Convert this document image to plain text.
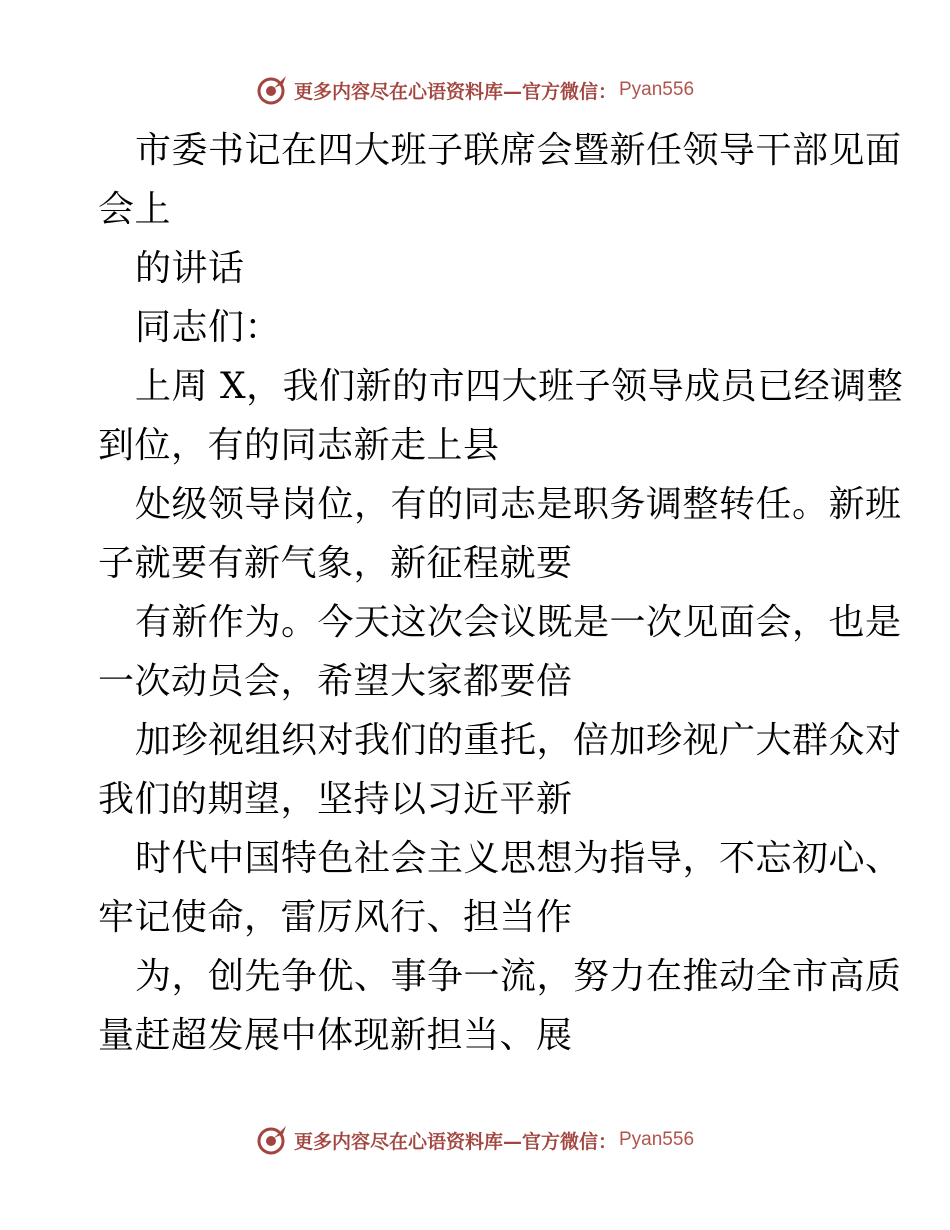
更多内容尽在心语资料库—官方微信： Pyan556
市委书记在四大班子联席会暨新任领导干部见面
会上
的讲话
同志们：
上周 X，我们新的市四大班子领导成员已经调整
到位，有的同志新走上县
处级领导岗位，有的同志是职务调整转任。新班
子就要有新气象，新征程就要
有新作为。今天这次会议既是一次见面会，也是
一次动员会，希望大家都要倍
加珍视组织对我们的重托，倍加珍视广大群众对
我们的期望，坚持以习近平新
时代中国特色社会主义思想为指导，不忘初心、
牢记使命，雷厉风行、担当作
为，创先争优、事争一流，努力在推动全市高质
量赶超发展中体现新担当、展
更多内容尽在心语资料库—官方微信： Pyan556
